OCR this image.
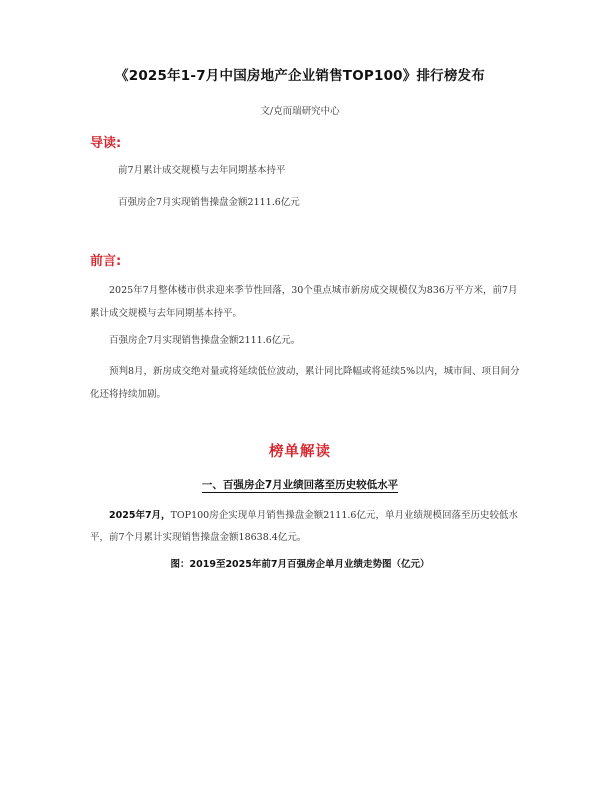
《2025年1-7月中国房地产企业销售TOP100》排行榜发布
文/克而瑞研究中心
导读:
前7月累计成交规模与去年同期基本持平
百强房企7月实现销售操盘金额2111.6亿元
前言:

2025年7月整体楼市供求迎来季节性回落，30个重点城市新房成交规模仅为836万平方米，前7月累计成交规模与去年同期基本持平。

百强房企7月实现销售操盘金额2111.6亿元。

预判8月，新房成交绝对量或将延续低位波动，累计同比降幅或将延续5%以内，城市间、项目间分化还将持续加剧。

榜单解读
一、百强房企7月业绩回落至历史较低水平

2025年7月，TOP100房企实现单月销售操盘金额2111.6亿元，单月业绩规模回落至历史较低水平，前7个月累计实现销售操盘金额18638.4亿元。

图：2019至2025年前7月百强房企单月业绩走势图（亿元）
